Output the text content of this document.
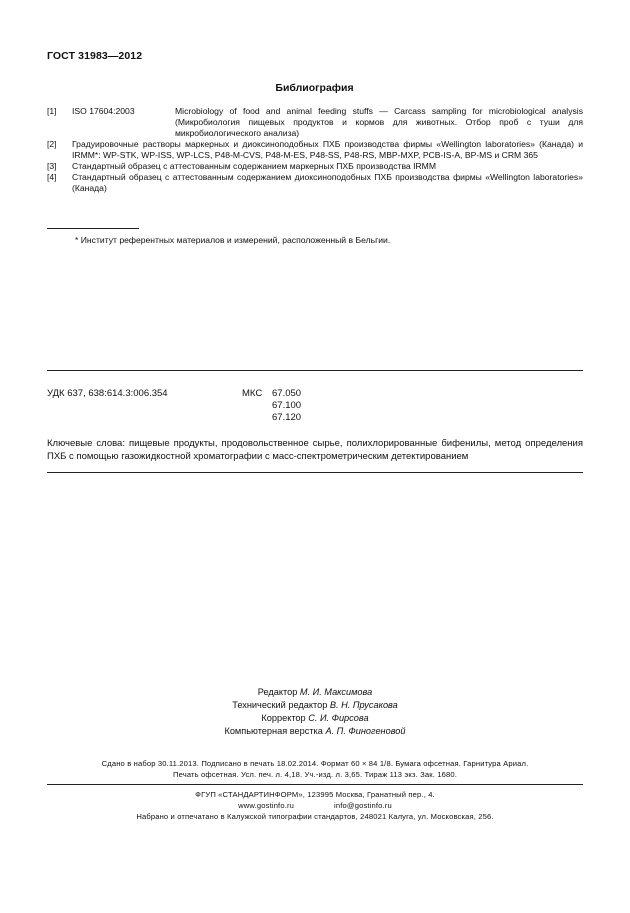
ГОСТ 31983—2012
Библиография
[1]	ISO 17604:2003	Microbiology of food and animal feeding stuffs — Carcass sampling for microbiological analysis (Микробиология пищевых продуктов и кормов для животных. Отбор проб с туши для микробиологического анализа)
[2]	Градуировочные растворы маркерных и диоксиноподобных ПХБ производства фирмы «Wellington laboratories» (Канада) и IRMM*: WP-STK, WP-ISS, WP-LCS, P48-M-CVS, P48-M-ES, P48-SS, P48-RS, MBP-MXP, PCB-IS-A, BP-MS и CRM 365
[3]	Стандартный образец с аттестованным содержанием маркерных ПХБ производства IRMM
[4]	Стандартный образец с аттестованным содержанием диоксиноподобных ПХБ производства фирмы «Wellington laboratories» (Канада)
* Институт референтных материалов и измерений, расположенный в Бельгии.
УДК 637, 638:614.3:006.354	МКС 67.050
67.100
67.120
Ключевые слова: пищевые продукты, продовольственное сырье, полихлорированные бифенилы, метод определения ПХБ с помощью газожидкостной хроматографии с масс-спектрометрическим детектированием
Редактор М. И. Максимова
Технический редактор В. Н. Прусакова
Корректор С. И. Фирсова
Компьютерная верстка А. П. Финогеновой
Сдано в набор 30.11.2013. Подписано в печать 18.02.2014. Формат 60 × 84 1/8. Бумага офсетная. Гарнитура Ариал.
Печать офсетная. Усл. печ. л. 4,18. Уч.-изд. л. 3,65. Тираж 113 экз. Зак. 1680.
ФГУП «СТАНДАРТИНФОРМ», 123995 Москва, Гранатный пер., 4.
www.gostinfo.ru	info@gostinfo.ru
Набрано и отпечатано в Калужской типографии стандартов, 248021 Калуга, ул. Московская, 256.
